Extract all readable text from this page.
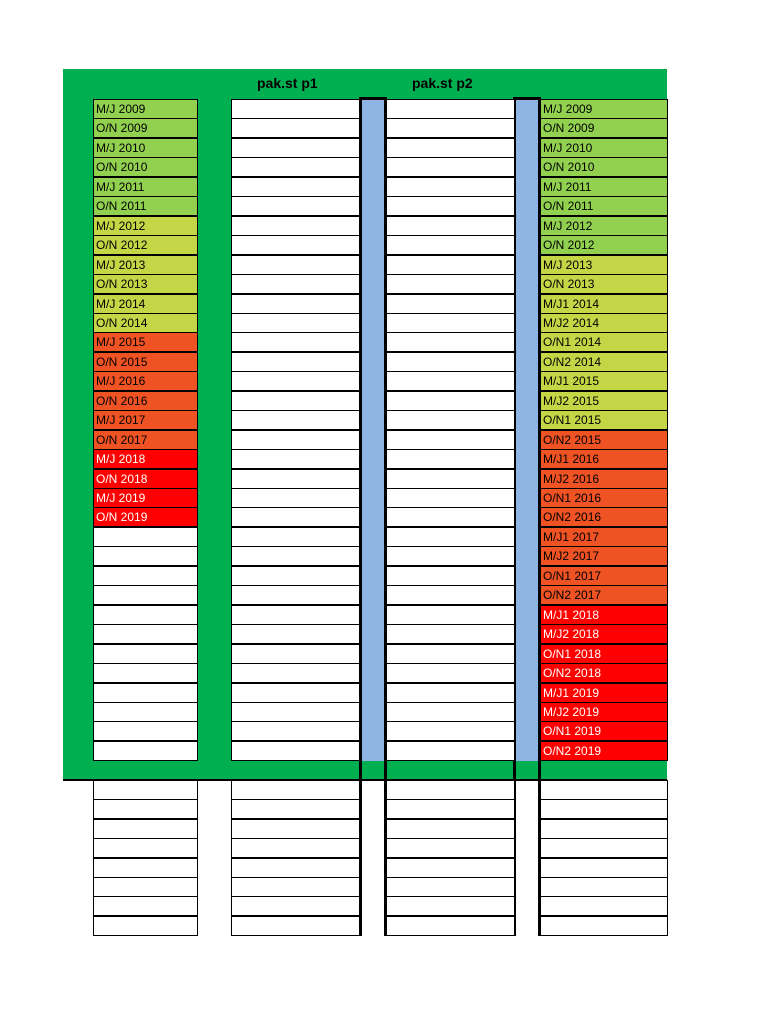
pak.st p1	pak.st p2
M/J 2009
O/N 2009
M/J 2010
O/N 2010
M/J 2011
O/N 2011
M/J 2012
O/N 2012
M/J 2013
O/N 2013
M/J 2014
O/N 2014
M/J 2015
O/N 2015
M/J 2016
O/N 2016
M/J 2017
O/N 2017
M/J 2018
O/N 2018
M/J 2019
O/N 2019
M/J 2009
O/N 2009
M/J 2010
O/N 2010
M/J 2011
O/N 2011
M/J 2012
O/N 2012
M/J 2013
O/N 2013
M/J1 2014
M/J2 2014
O/N1 2014
O/N2 2014
M/J1 2015
M/J2 2015
O/N1 2015
O/N2 2015
M/J1 2016
M/J2 2016
O/N1 2016
O/N2 2016
M/J1 2017
M/J2 2017
O/N1 2017
O/N2 2017
M/J1 2018
M/J2 2018
O/N1 2018
O/N2 2018
M/J1 2019
M/J2 2019
O/N1 2019
O/N2 2019
